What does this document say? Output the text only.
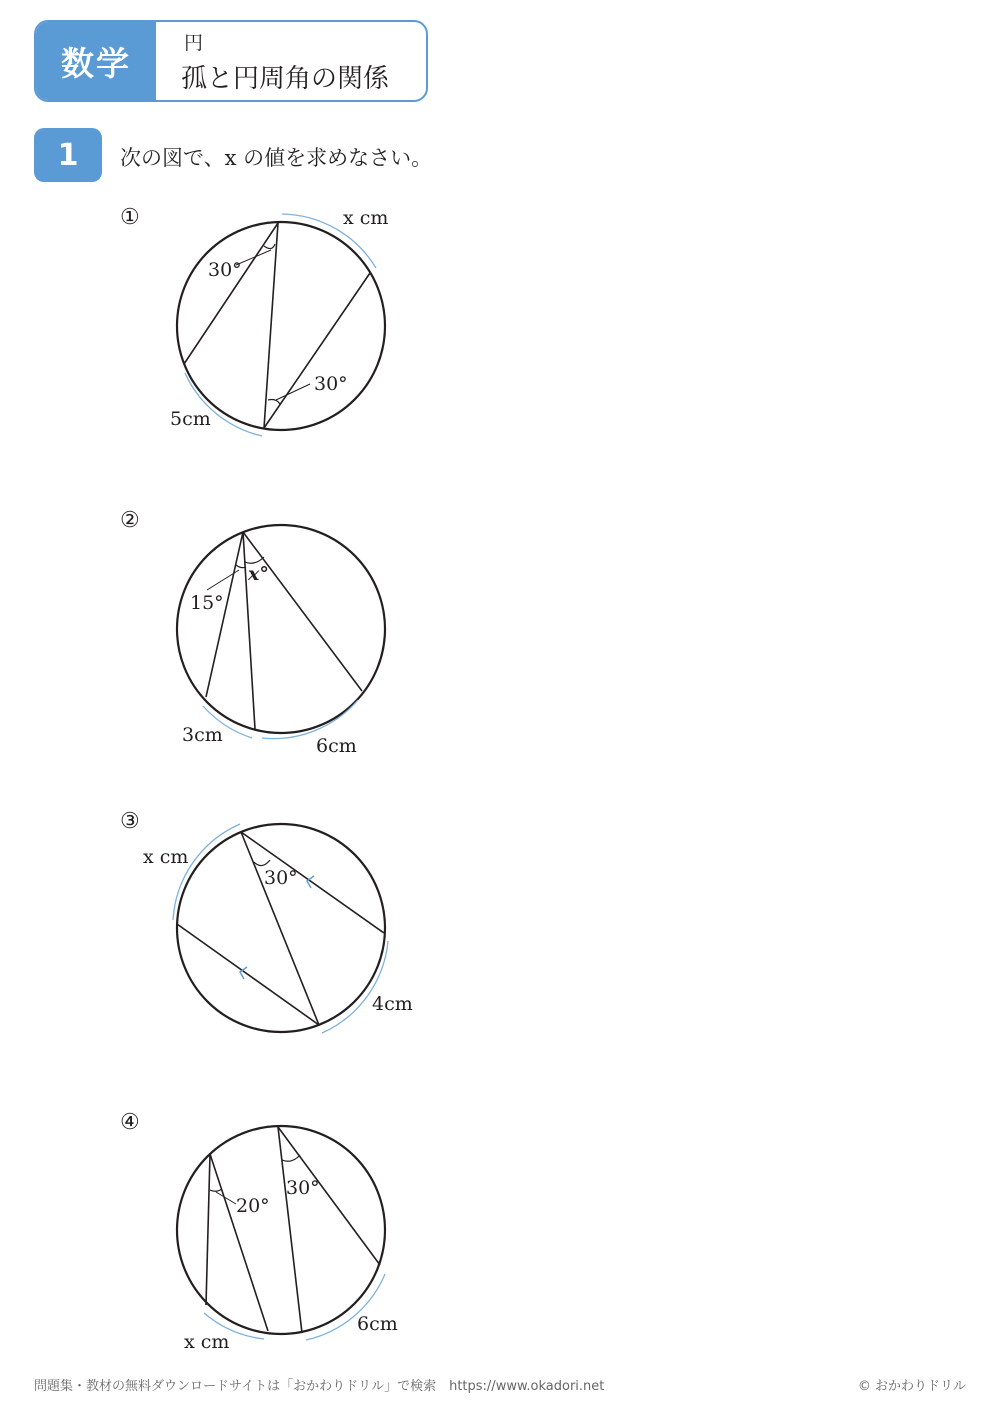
数学
円
孤と円周角の関係
1	次の図で、x の値を求めなさい。
①	x cm
30°
30°
5cm
②
x°
15°
3cm	6cm
③
x cm
30°
4cm
④
20°
30°
x cm
6cm
問題集・教材の無料ダウンロードサイトは「おかわりドリル」で検索　https://www.okadori.net	© おかわりドリル
